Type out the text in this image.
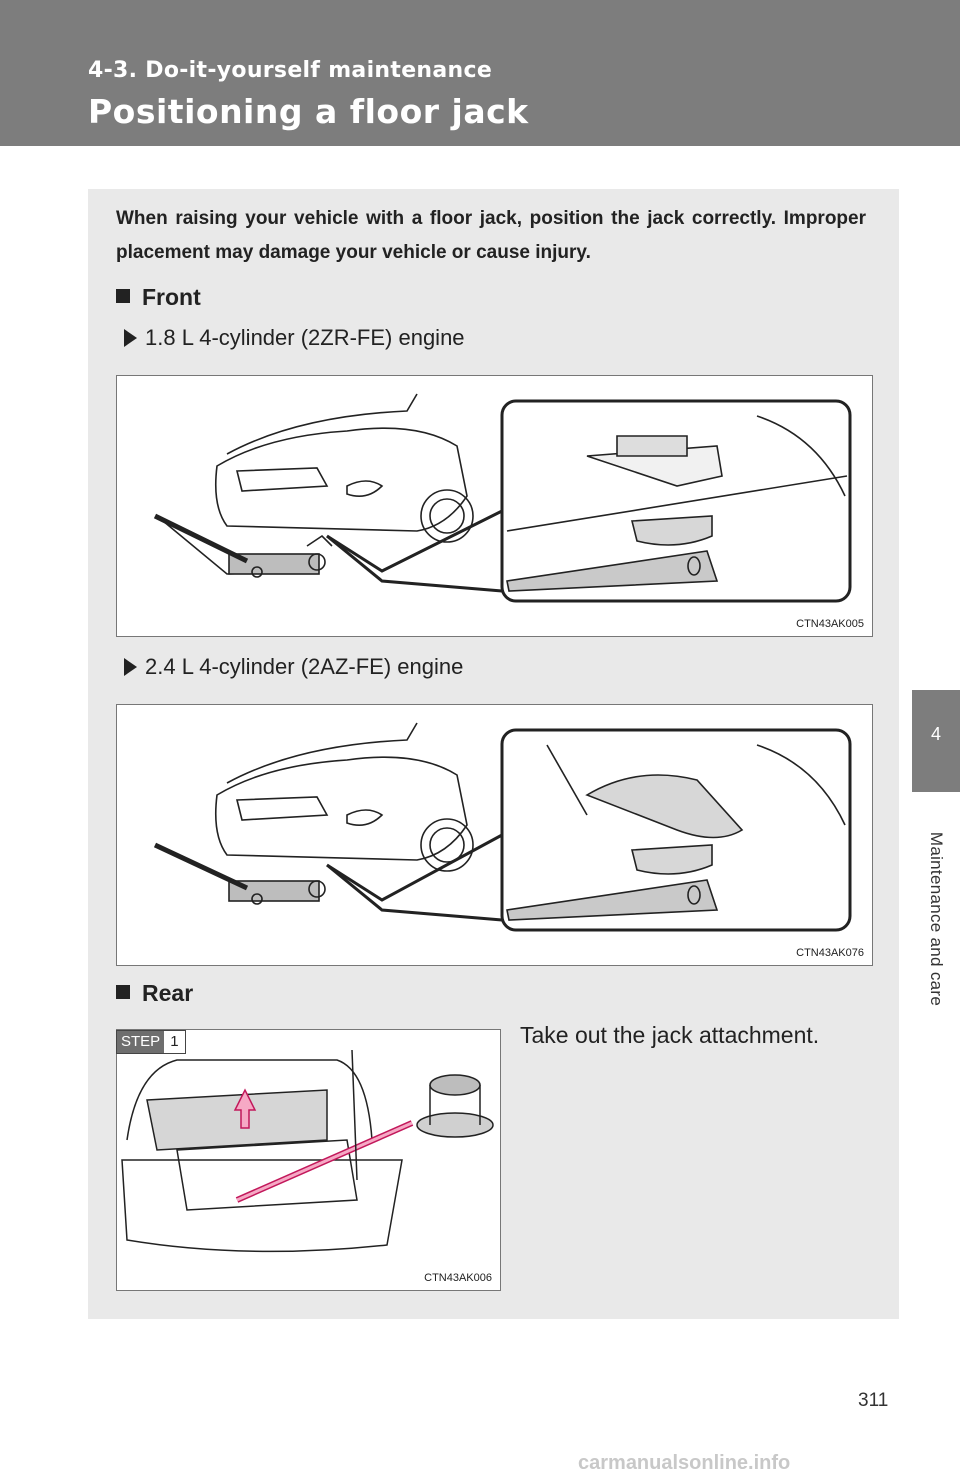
4-3. Do-it-yourself maintenance
Positioning a floor jack
4
Maintenance and care
When raising your vehicle with a floor jack, position the jack correctly. Improper placement may damage your vehicle or cause injury.
Front
1.8 L 4-cylinder (2ZR-FE) engine
CTN43AK005
2.4 L 4-cylinder (2AZ-FE) engine
CTN43AK076
Rear
CTN43AK006
STEP 1	Take out the jack attachment.
311
carmanualsonline.info
